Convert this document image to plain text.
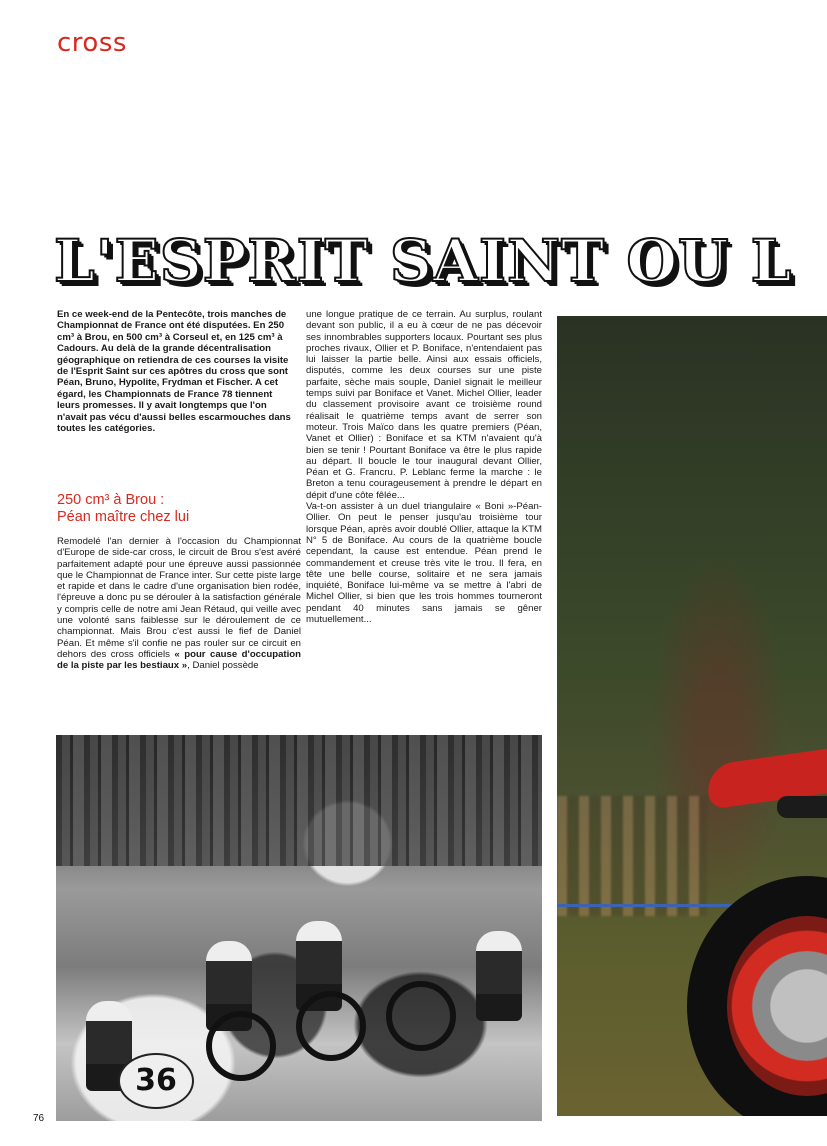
cross
L'ESPRIT SAINT OU L
En ce week-end de la Pentecôte, trois manches de Championnat de France ont été disputées. En 250 cm³ à Brou, en 500 cm³ à Corseul et, en 125 cm³ à Cadours. Au delà de la grande décentralisation géographique on retiendra de ces courses la visite de l'Esprit Saint sur ces apôtres du cross que sont Péan, Bruno, Hypolite, Frydman et Fischer. A cet égard, les Championnats de France 78 tiennent leurs promesses. Il y avait longtemps que l'on n'avait pas vécu d'aussi belles escarmouches dans toutes les catégories.
250 cm³ à Brou :
Péan maître chez lui

Remodelé l'an dernier à l'occasion du Championnat d'Europe de side-car cross, le circuit de Brou s'est avéré parfaitement adapté pour une épreuve aussi passionnée que le Championnat de France inter. Sur cette piste large et rapide et dans le cadre d'une organisation bien rodée, l'épreuve a donc pu se dérouler à la satisfaction générale y compris celle de notre ami Jean Rétaud, qui veille avec une volonté sans faiblesse sur le déroulement de ce championnat. Mais Brou c'est aussi le fief de Daniel Péan. Et même s'il confie ne pas rouler sur ce circuit en dehors des cross officiels « pour cause d'occupation de la piste par les bestiaux », Daniel possède

une longue pratique de ce terrain. Au surplus, roulant devant son public, il a eu à cœur de ne pas décevoir ses innombrables supporters locaux. Pourtant ses plus proches rivaux, Ollier et P. Boniface, n'entendaient pas lui laisser la partie belle. Ainsi aux essais officiels, disputés, comme les deux courses sur une piste parfaite, sèche mais souple, Daniel signait le meilleur temps suivi par Boniface et Vanet. Michel Ollier, leader du classement provisoire avant ce troisième round réalisait le quatrième temps avant de serrer son moteur. Trois Maïco dans les quatre premiers (Péan, Vanet et Ollier) : Boniface et sa KTM n'avaient qu'à bien se tenir ! Pourtant Boniface va être le plus rapide au départ. Il boucle le tour inaugural devant Ollier, Péan et G. Francru. P. Leblanc ferme la marche : le Breton a tenu courageusement à prendre le départ en dépit d'une côte fêlée...

Va-t-on assister à un duel triangulaire « Boni »-Péan-Ollier. On peut le penser jusqu'au troisième tour lorsque Péan, après avoir doublé Ollier, attaque la KTM N° 5 de Boniface. Au cours de la quatrième boucle cependant, la cause est entendue. Péan prend le commandement et creuse très vite le trou. Il fera, en tête une belle course, solitaire et ne sera jamais inquiété, Boniface lui-même va se mettre à l'abri de Michel Ollier, si bien que les trois hommes tourneront pendant 40 minutes sans jamais se gêner mutuellement...

36
76
